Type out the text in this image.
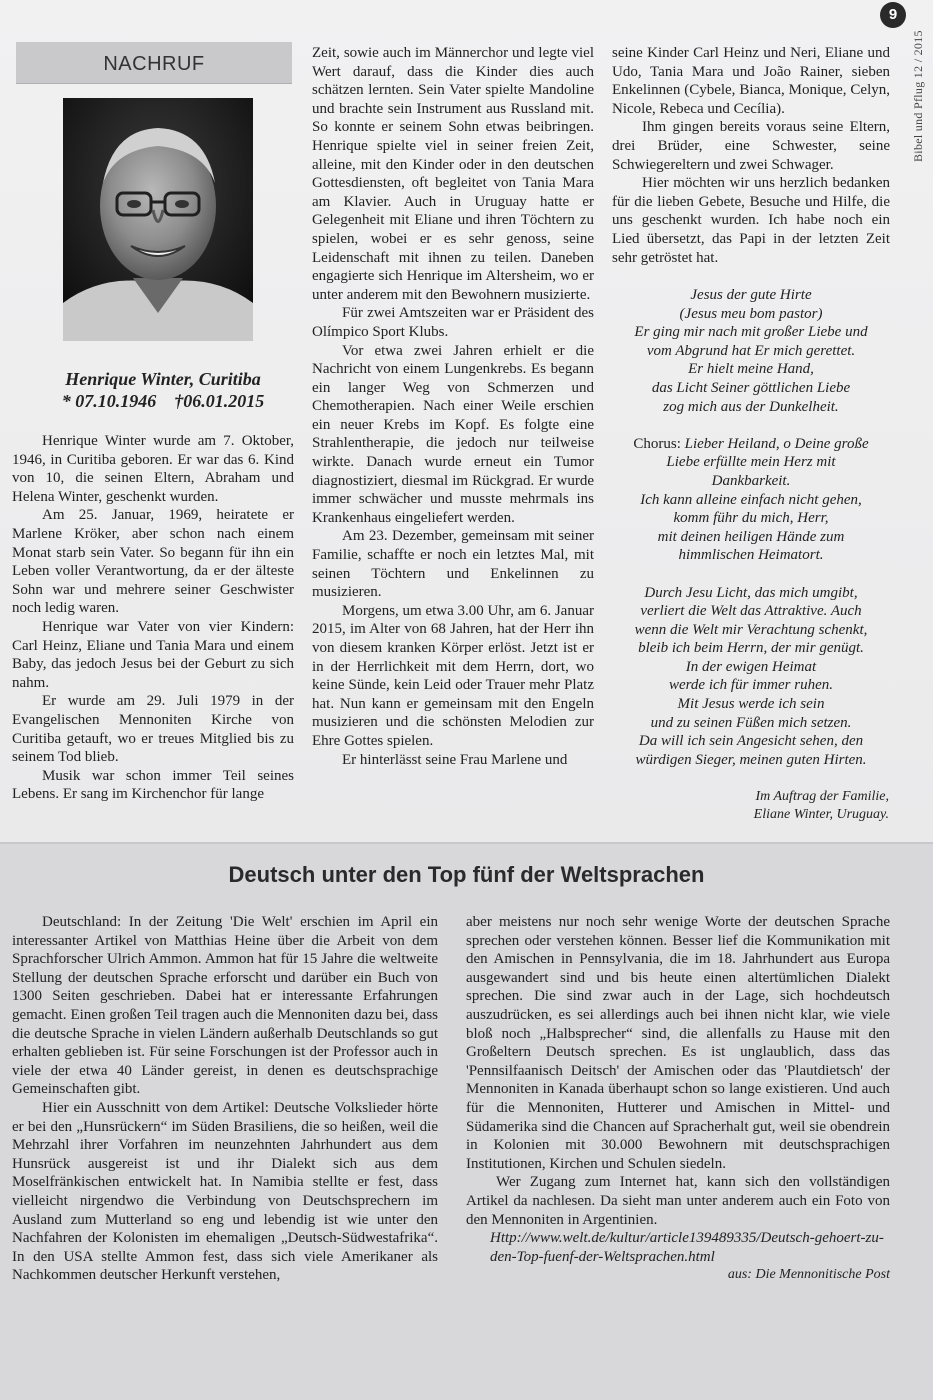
9
Bibel und Pflug 12 / 2015
NACHRUF
Henrique Winter, Curitiba
* 07.10.1946    †06.01.2015

Henrique Winter wurde am 7. Oktober, 1946, in Curitiba geboren. Er war das 6. Kind von 10, die seinen Eltern, Abraham und Helena Winter, geschenkt wurden.

Am 25. Januar, 1969, heiratete er Marlene Kröker, aber schon nach einem Monat starb sein Vater. So begann für ihn ein Leben voller Verantwortung, da er der älteste Sohn war und mehrere seiner Geschwister noch ledig waren.

Henrique war Vater von vier Kindern: Carl Heinz, Eliane und Tania Mara und einem Baby, das jedoch Jesus bei der Geburt zu sich nahm.

Er wurde am 29. Juli 1979 in der Evangelischen Mennoniten Kirche von Curitiba getauft, wo er treues Mitglied bis zu seinem Tod blieb.

Musik war schon immer Teil seines Lebens. Er sang im Kirchenchor für lange

Zeit, sowie auch im Männerchor und legte viel Wert darauf, dass die Kinder dies auch schätzen lernten. Sein Vater spielte Mandoline und brachte sein Instrument aus Russland mit. So konnte er seinem Sohn etwas beibringen. Henrique spielte viel in seiner freien Zeit, alleine, mit den Kinder oder in den deutschen Gottesdiensten, oft begleitet von Tania Mara am Klavier. Auch in Uruguay hatte er Gelegenheit mit Eliane und ihren Töchtern zu spielen, wobei er es sehr genoss, seine Leidenschaft mit ihnen zu teilen. Daneben engagierte sich Henrique im Altersheim, wo er unter anderem mit den Bewohnern musizierte.

Für zwei Amtszeiten war er Präsident des Olímpico Sport Klubs.

Vor etwa zwei Jahren erhielt er die Nachricht von einem Lungenkrebs. Es begann ein langer Weg von Schmerzen und Chemotherapien. Nach einer Weile erschien ein neuer Krebs im Kopf. Es folgte eine Strahlentherapie, die jedoch nur teilweise wirkte. Danach wurde erneut ein Tumor diagnostiziert, diesmal im Rückgrad. Er wurde immer schwächer und musste mehrmals ins Krankenhaus eingeliefert werden.

Am 23. Dezember, gemeinsam mit seiner Familie, schaffte er noch ein letztes Mal, mit seinen Töchtern und Enkelinnen zu musizieren.

Morgens, um etwa 3.00 Uhr, am 6. Januar 2015, im Alter von 68 Jahren, hat der Herr ihn von diesem kranken Körper erlöst. Jetzt ist er in der Herrlichkeit mit dem Herrn, dort, wo keine Sünde, kein Leid oder Trauer mehr Platz hat. Nun kann er gemeinsam mit den Engeln musizieren und die schönsten Melodien zur Ehre Gottes spielen.

Er hinterlässt seine Frau Marlene und

seine Kinder Carl Heinz und Neri, Eliane und Udo, Tania Mara und João Rainer, sieben Enkelinnen (Cybele, Bianca, Monique, Celyn, Nicole, Rebeca und Cecília).

Ihm gingen bereits voraus seine Eltern, drei Brüder, eine Schwester, seine Schwiegereltern und zwei Schwager.

Hier möchten wir uns herzlich bedanken für die lieben Gebete, Besuche und Hilfe, die uns geschenkt wurden. Ich habe noch ein Lied übersetzt, das Papi in der letzten Zeit sehr getröstet hat.

Jesus der gute Hirte
(Jesus meu bom pastor)
Er ging mir nach mit großer Liebe und
vom Abgrund hat Er mich gerettet.
Er hielt meine Hand,
das Licht Seiner göttlichen Liebe
zog mich aus der Dunkelheit.
Chorus: Lieber Heiland, o Deine große
Liebe erfüllte mein Herz mit
Dankbarkeit.
Ich kann alleine einfach nicht gehen,
komm führ du mich, Herr,
mit deinen heiligen Hände zum
himmlischen Heimatort.
Durch Jesu Licht, das mich umgibt,
verliert die Welt das Attraktive. Auch
wenn die Welt mir Verachtung schenkt,
bleib ich beim Herrn, der mir genügt.
In der ewigen Heimat
werde ich für immer ruhen.
Mit Jesus werde ich sein
und zu seinen Füßen mich setzen.
Da will ich sein Angesicht sehen, den
würdigen Sieger, meinen guten Hirten.
Im Auftrag der Familie,
Eliane Winter, Uruguay.
Deutsch unter den Top fünf der Weltsprachen

Deutschland: In der Zeitung 'Die Welt' erschien im April ein interessanter Artikel von Matthias Heine über die Arbeit von dem Sprachforscher Ulrich Ammon. Ammon hat für 15 Jahre die weltweite Stellung der deutschen Sprache erforscht und darüber ein Buch von 1300 Seiten geschrieben. Dabei hat er interessante Erfahrungen gemacht. Einen großen Teil tragen auch die Mennoniten dazu bei, dass die deutsche Sprache in vielen Ländern außerhalb Deutschlands so gut erhalten geblieben ist. Für seine Forschungen ist der Professor auch in viele der etwa 40 Länder gereist, in denen es deutschsprachige Gemeinschaften gibt.

Hier ein Ausschnitt von dem Artikel: Deutsche Volkslieder hörte er bei den „Hunsrückern“ im Süden Brasiliens, die so heißen, weil die Mehrzahl ihrer Vorfahren im neunzehnten Jahrhundert aus dem Hunsrück ausgereist ist und ihr Dialekt sich aus dem Moselfränkischen entwickelt hat. In Namibia stellte er fest, dass vielleicht nirgendwo die Verbindung von Deutschsprechern im Ausland zum Mutterland so eng und lebendig ist wie unter den Nachfahren der Kolonisten im ehemaligen „Deutsch-Südwestafrika“. In den USA stellte Ammon fest, dass sich viele Amerikaner als Nachkommen deutscher Herkunft verstehen,

aber meistens nur noch sehr wenige Worte der deutschen Sprache sprechen oder verstehen können. Besser lief die Kommunikation mit den Amischen in Pennsylvania, die im 18. Jahrhundert aus Europa ausgewandert sind und bis heute einen altertümlichen Dialekt sprechen. Die sind zwar auch in der Lage, sich hochdeutsch auszudrücken, es sei allerdings auch bei ihnen nicht klar, wie viele bloß noch „Halbsprecher“ sind, die allenfalls zu Hause mit den Großeltern Deutsch sprechen. Es ist unglaublich, dass das 'Pennsilfaanisch Deitsch' der Amischen oder das 'Plautdietsch' der Mennoniten in Kanada überhaupt schon so lange existieren. Und auch für die Mennoniten, Hutterer und Amischen in Mittel- und Südamerika sind die Chancen auf Spracherhalt gut, weil sie obendrein in Kolonien mit 30.000 Bewohnern mit deutschsprachigen Institutionen, Kirchen und Schulen siedeln.

Wer Zugang zum Internet hat, kann sich den vollständigen Artikel da nachlesen. Da sieht man unter anderem auch ein Foto von den Mennoniten in Argentinien.

Http://www.welt.de/kultur/article139489335/Deutsch-gehoert-zu-den-Top-fuenf-der-Weltsprachen.html

aus: Die Mennonitische Post
